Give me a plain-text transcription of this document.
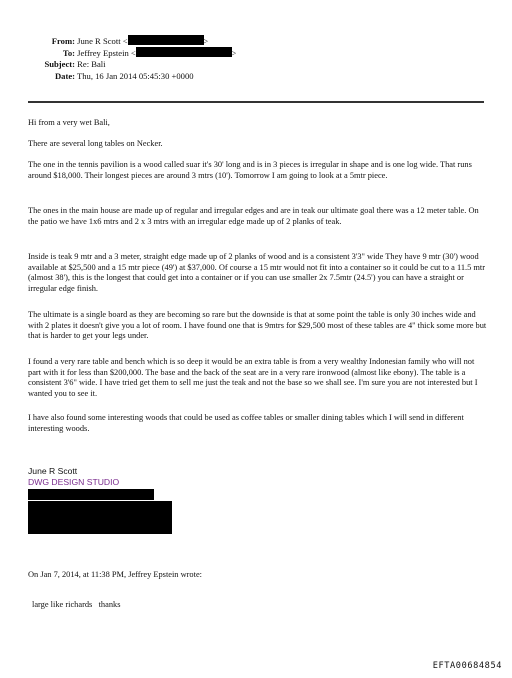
From: June R Scott <	>
To: Jeffrey Epstein <	>
Subject: Re: Bali
Date: Thu, 16 Jan 2014 05:45:30 +0000
Hi from a very wet Bali,
There are several long tables on Necker.
The one in the tennis pavilion is a wood called suar it's 30' long and is in 3 pieces is irregular in shape and is one log wide. That runs around $18,000. Their longest pieces are around 3 mtrs (10'). Tomorrow I am going to look at a 5mtr piece.
The ones in the main house are made up of regular and irregular edges and are in teak our ultimate goal there was a 12 meter table. On the patio we have 1x6 mtrs and 2 x 3 mtrs with an irregular edge made up of 2 planks of teak.
Inside is teak 9 mtr and a 3 meter, straight edge made up of 2 planks of wood and is a consistent 3'3" wide They have 9 mtr (30') wood available at $25,500 and a 15 mtr piece (49') at $37,000. Of course a 15 mtr would not fit into a container so it could be cut to a 11.5 mtr (almost 38'), this is the longest that could get into a container or if you can use smaller 2x 7.5mtr (24.5') you can have a straight or irregular edge finish.
The ultimate is a single board as they are becoming so rare but the downside is that at some point the table is only 30 inches wide and with 2 plates it doesn't give you a lot of room. I have found one that is 9mtrs for $29,500 most of these tables are 4" thick some more but that is harder to get your legs under.
I found a very rare table and bench which is so deep it would be an extra table is from a very wealthy Indonesian family who will not part with it for less than $200,000. The base and the back of the seat are in a very rare ironwood (almost like ebony). The table is a consistent 3'6" wide. I have tried get them to sell me just the teak and not the base so we shall see. I'm sure you are not interested but I wanted you to see it.
I have also found some interesting woods that could be used as coffee tables or smaller dining tables which I will send in different interesting woods.
June R Scott
DWG DESIGN STUDIO
On Jan 7, 2014, at 11:38 PM, Jeffrey Epstein wrote:
large like richards   thanks
EFTA00684854
